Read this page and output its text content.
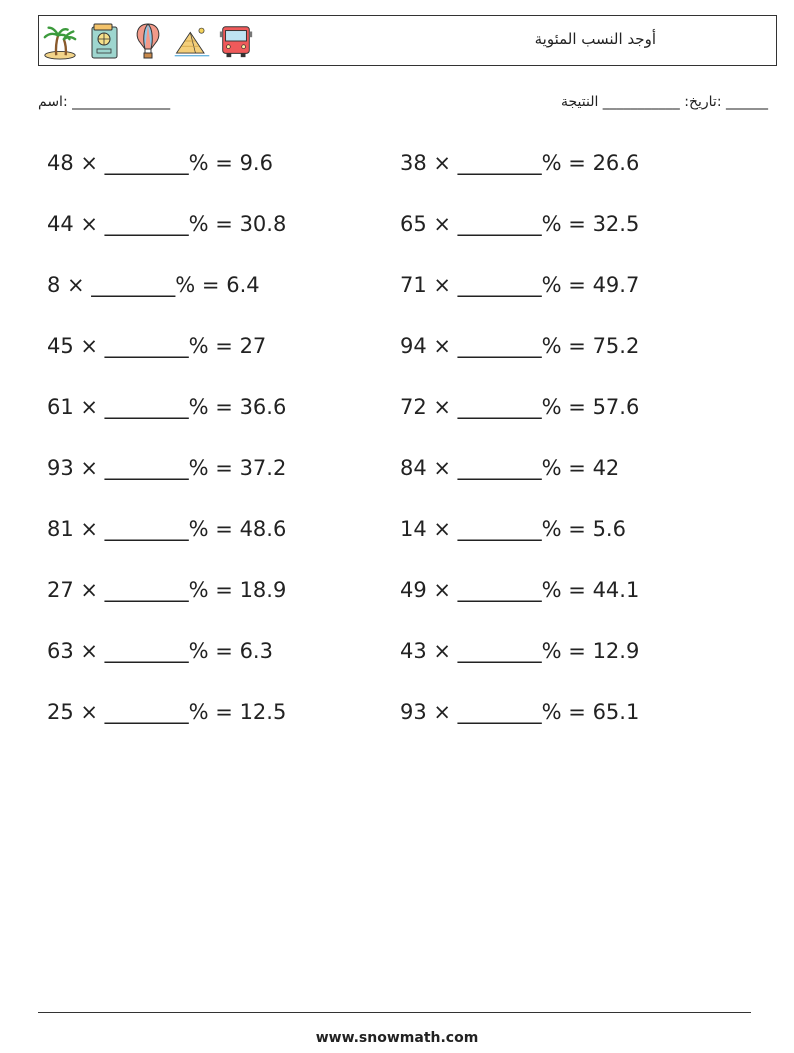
أوجد النسب المئوية
______ :تاريخ: ___________ النتيجة
______________ :اسم
48 × ________% = 9.6
44 × ________% = 30.8
8 × ________% = 6.4
45 × ________% = 27
61 × ________% = 36.6
93 × ________% = 37.2
81 × ________% = 48.6
27 × ________% = 18.9
63 × ________% = 6.3
25 × ________% = 12.5
38 × ________% = 26.6
65 × ________% = 32.5
71 × ________% = 49.7
94 × ________% = 75.2
72 × ________% = 57.6
84 × ________% = 42
14 × ________% = 5.6
49 × ________% = 44.1
43 × ________% = 12.9
93 × ________% = 65.1
www.snowmath.com
